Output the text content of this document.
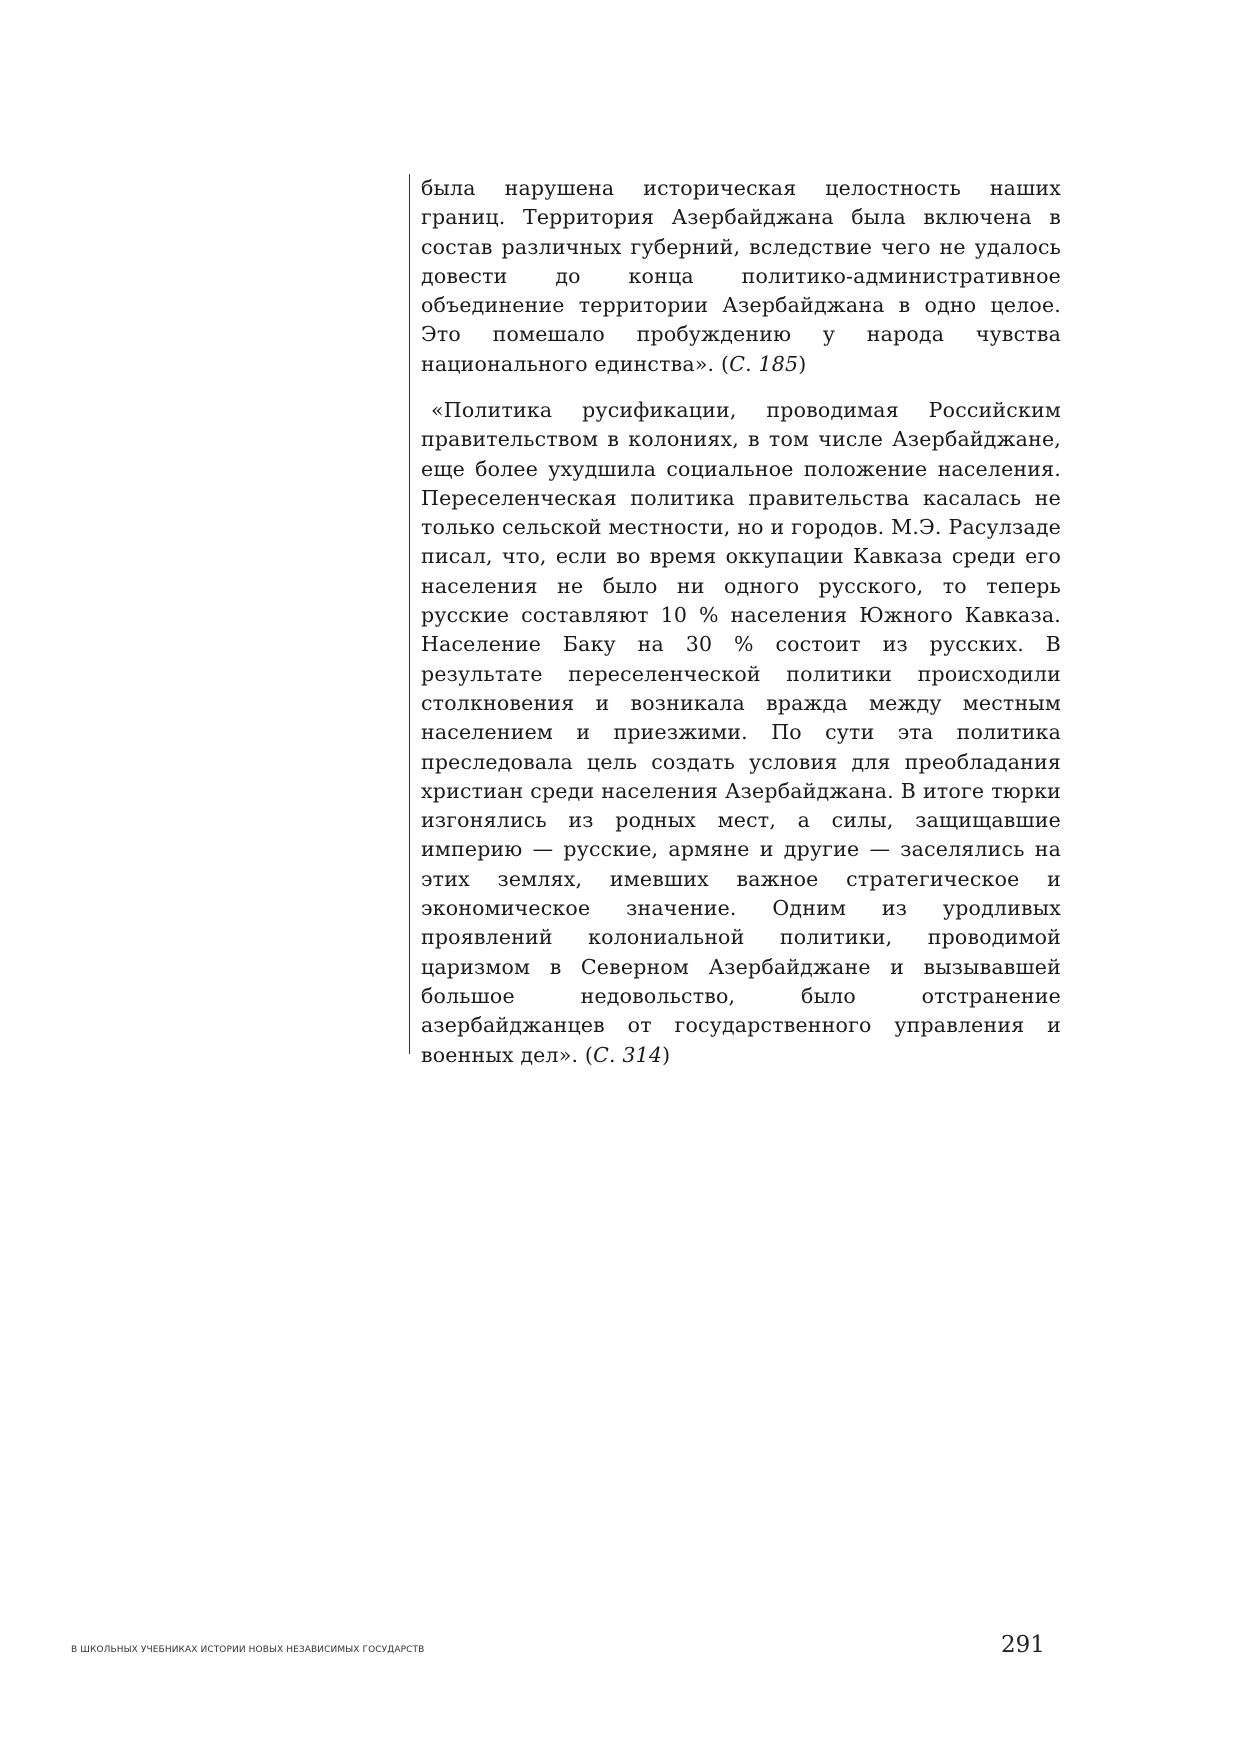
была нарушена историческая целостность наших границ. Территория Азербайджана была включена в состав различных губерний, вследствие чего не удалось довести до конца политико-административное объединение территории Азербайджана в одно целое. Это помешало пробуждению у народа чувства национального единства». (С. 185)

«Политика русификации, проводимая Российским правительством в колониях, в том числе Азербайджане, еще более ухудшила социальное положение населения. Переселенческая политика правительства касалась не только сельской местности, но и городов. М.Э. Расулзаде писал, что, если во время оккупации Кавказа среди его населения не было ни одного русского, то теперь русские составляют 10 % населения Южного Кавказа. Население Баку на 30 % состоит из русских. В результате переселенческой политики происходили столкновения и возникала вражда между местным населением и приезжими. По сути эта политика преследовала цель создать условия для преобладания христиан среди населения Азербайджана. В итоге тюрки изгонялись из родных мест, а силы, защищавшие империю — русские, армяне и другие — заселялись на этих землях, имевших важное стратегическое и экономическое значение. Одним из уродливых проявлений колониальной политики, проводимой царизмом в Северном Азербайджане и вызывавшей большое недовольство, было отстранение азербайджанцев от государственного управления и военных дел». (С. 314)

В ШКОЛЬНЫХ УЧЕБНИКАХ ИСТОРИИ НОВЫХ НЕЗАВИСИМЫХ ГОСУДАРСТВ	291
